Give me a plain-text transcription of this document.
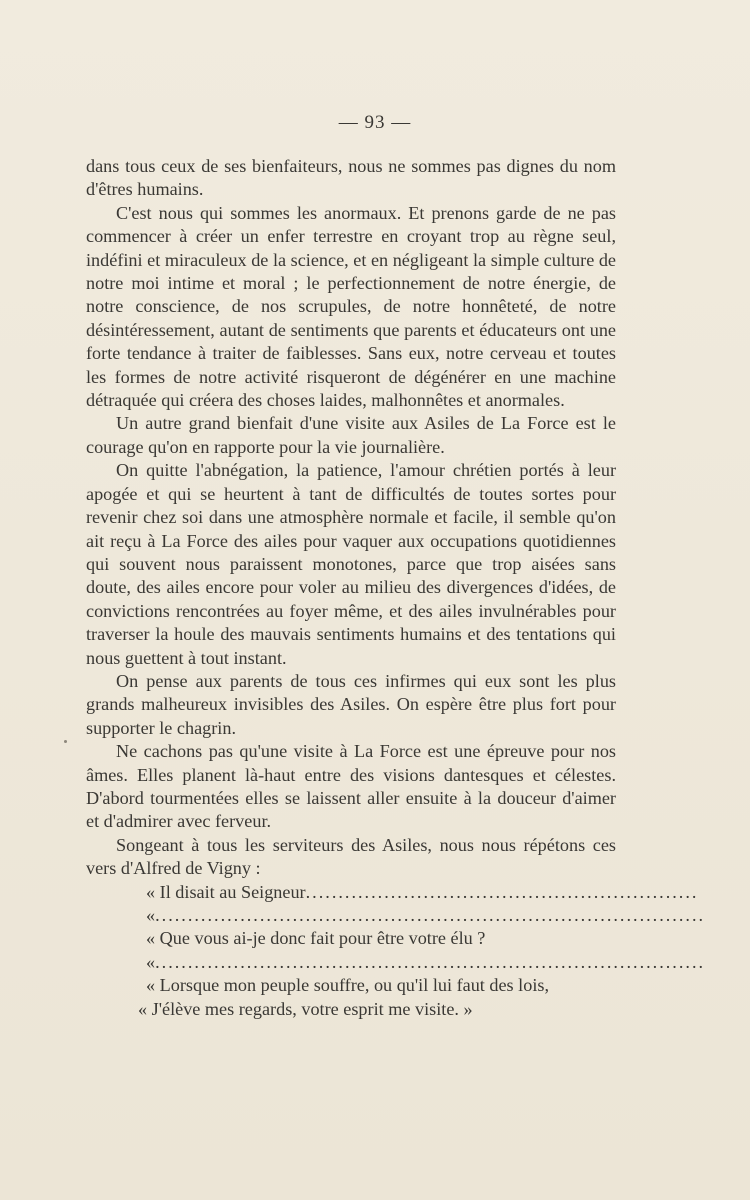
— 93 —

dans tous ceux de ses bienfaiteurs, nous ne sommes pas dignes du nom d'êtres humains.

C'est nous qui sommes les anormaux. Et prenons garde de ne pas commencer à créer un enfer terrestre en croyant trop au règne seul, indéfini et miraculeux de la science, et en négligeant la simple culture de notre moi intime et moral ; le perfectionnement de notre énergie, de notre conscience, de nos scrupules, de notre honnêteté, de notre désintéressement, autant de sentiments que parents et éducateurs ont une forte tendance à traiter de faiblesses. Sans eux, notre cerveau et toutes les formes de notre activité risqueront de dégénérer en une machine détraquée qui créera des choses laides, malhonnêtes et anormales.

Un autre grand bienfait d'une visite aux Asiles de La Force est le courage qu'on en rapporte pour la vie journalière.

On quitte l'abnégation, la patience, l'amour chrétien portés à leur apogée et qui se heurtent à tant de difficultés de toutes sortes pour revenir chez soi dans une atmosphère normale et facile, il semble qu'on ait reçu à La Force des ailes pour vaquer aux occupations quotidiennes qui souvent nous paraissent monotones, parce que trop aisées sans doute, des ailes encore pour voler au milieu des divergences d'idées, de convictions rencontrées au foyer même, et des ailes invulnérables pour traverser la houle des mauvais sentiments humains et des tentations qui nous guettent à tout instant.

On pense aux parents de tous ces infirmes qui eux sont les plus grands malheureux invisibles des Asiles. On espère être plus fort pour supporter le chagrin.

Ne cachons pas qu'une visite à La Force est une épreuve pour nos âmes. Elles planent là-haut entre des visions dantesques et célestes. D'abord tourmentées elles se laissent aller ensuite à la douceur d'aimer et d'admirer avec ferveur.

Songeant à tous les serviteurs des Asiles, nous nous répétons ces vers d'Alfred de Vigny :

« Il disait au Seigneur ............................................................
« ....................................................................................
« Que vous ai-je donc fait pour être votre élu ?
« ....................................................................................
« Lorsque mon peuple souffre, ou qu'il lui faut des lois,
« J'élève mes regards, votre esprit me visite. »
